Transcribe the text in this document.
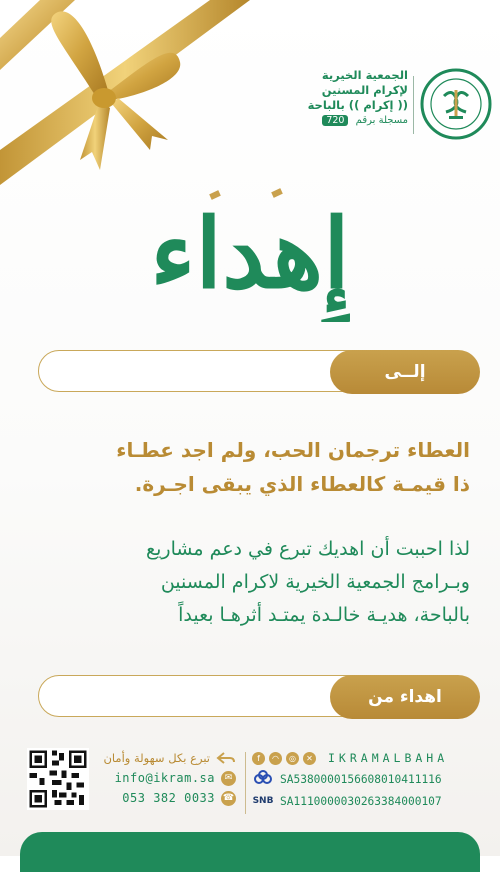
الجمعية الخيرية
لإكرام المسنين
(( إكرام )) بالباحة
مسجلة برقم 720
إِهداء
إلــى

العطاء ترجمان الحب، ولم اجد عطـاء

ذا قيمـة كالعطاء الذي يبقى اجـرة.

لذا احببت أن اهديك تبرع في دعم مشاريع

وبـرامج الجمعية الخيرية لاكرام المسنين

بالباحة، هديـة خالـدة يمتـد أثرهـا بعيداً

اهداء من
تبرع بكل سهولة وأمان
info@ikram.sa	✉
053 382 0033 ☎
f	◠	◎	✕ IKRAMALBAHA
SA5380000156608010411116
SNB SA1110000030263384000107
